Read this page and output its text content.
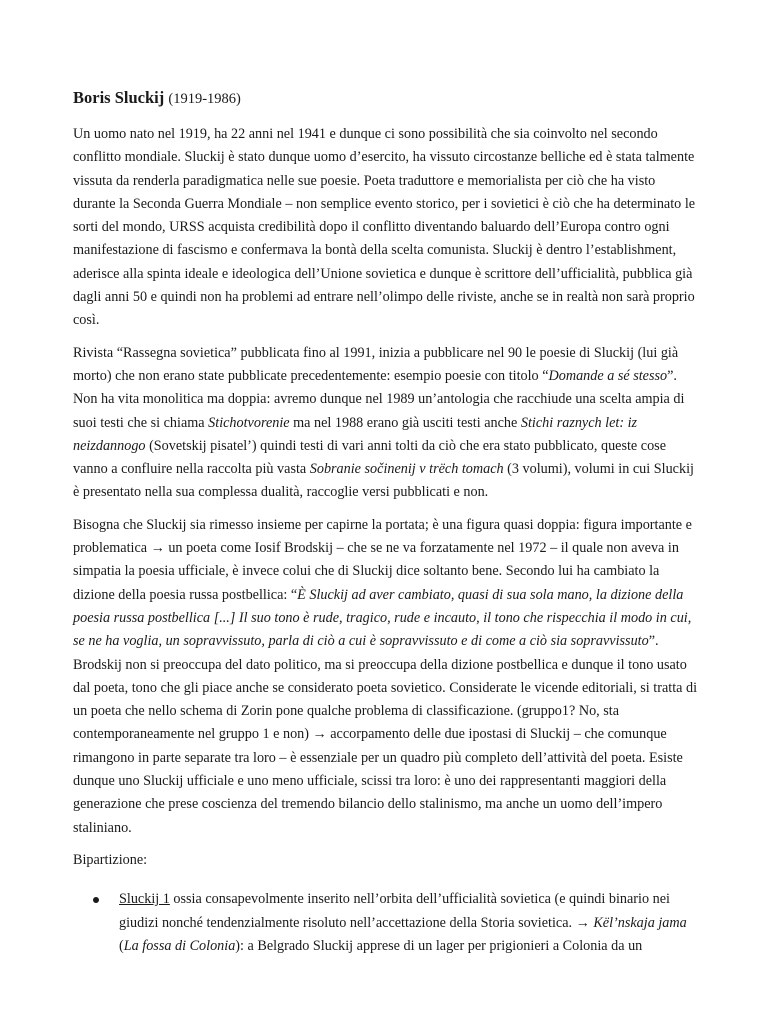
Boris Sluckij (1919-1986)

Un uomo nato nel 1919, ha 22 anni nel 1941 e dunque ci sono possibilità che sia coinvolto nel secondo conflitto mondiale. Sluckij è stato dunque uomo d’esercito, ha vissuto circostanze belliche ed è stata talmente vissuta da renderla paradigmatica nelle sue poesie. Poeta traduttore e memorialista per ciò che ha visto durante la Seconda Guerra Mondiale – non semplice evento storico, per i sovietici è ciò che ha determinato le sorti del mondo, URSS acquista credibilità dopo il conflitto diventando baluardo dell’Europa contro ogni manifestazione di fascismo e confermava la bontà della scelta comunista. Sluckij è dentro l’establishment, aderisce alla spinta ideale e ideologica dell’Unione sovietica e dunque è scrittore dell’ufficialità, pubblica già dagli anni 50 e quindi non ha problemi ad entrare nell’olimpo delle riviste, anche se in realtà non sarà proprio così.

Rivista “Rassegna sovietica” pubblicata fino al 1991, inizia a pubblicare nel 90 le poesie di Sluckij (lui già morto) che non erano state pubblicate precedentemente: esempio poesie con titolo “Domande a sé stesso”. Non ha vita monolitica ma doppia: avremo dunque nel 1989 un’antologia che racchiude una scelta ampia di suoi testi che si chiama Stichotvorenie ma nel 1988 erano già usciti testi anche Stichi raznych let: iz neizdannogo (Sovetskij pisatel’) quindi testi di vari anni tolti da ciò che era stato pubblicato, queste cose vanno a confluire nella raccolta più vasta Sobranie sočinenij v trëch tomach (3 volumi), volumi in cui Sluckij è presentato nella sua complessa dualità, raccoglie versi pubblicati e non.

Bisogna che Sluckij sia rimesso insieme per capirne la portata; è una figura quasi doppia: figura importante e problematica → un poeta come Iosif Brodskij – che se ne va forzatamente nel 1972 – il quale non aveva in simpatia la poesia ufficiale, è invece colui che di Sluckij dice soltanto bene. Secondo lui ha cambiato la dizione della poesia russa postbellica: “È Sluckij ad aver cambiato, quasi di sua sola mano, la dizione della poesia russa postbellica [...] Il suo tono è rude, tragico, rude e incauto, il tono che rispecchia il modo in cui, se ne ha voglia, un sopravvissuto, parla di ciò a cui è sopravvissuto e di come a ciò sia sopravvissuto”. Brodskij non si preoccupa del dato politico, ma si preoccupa della dizione postbellica e dunque il tono usato dal poeta, tono che gli piace anche se considerato poeta sovietico. Considerate le vicende editoriali, si tratta di un poeta che nello schema di Zorin pone qualche problema di classificazione. (gruppo1? No, sta contemporaneamente nel gruppo 1 e non) → accorpamento delle due ipostasi di Sluckij – che comunque rimangono in parte separate tra loro – è essenziale per un quadro più completo dell’attività del poeta. Esiste dunque uno Sluckij ufficiale e uno meno ufficiale, scissi tra loro: è uno dei rappresentanti maggiori della generazione che prese coscienza del tremendo bilancio dello stalinismo, ma anche un uomo dell’impero staliniano.

Bipartizione:

Sluckij 1 ossia consapevolmente inserito nell’orbita dell’ufficialità sovietica (e quindi binario nei giudizi nonché tendenzialmente risoluto nell’accettazione della Storia sovietica. → Kël’nskaja jama (La fossa di Colonia): a Belgrado Sluckij apprese di un lager per prigionieri a Colonia da un
